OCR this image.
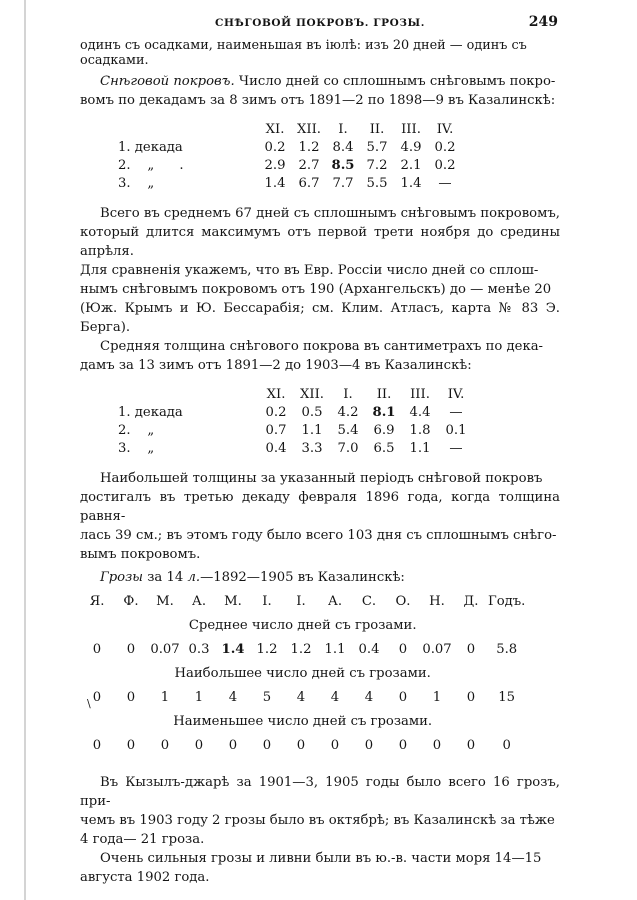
СНѢГОВОЙ ПОКРОВЪ. ГРОЗЫ.	249

одинъ съ осадками, наименьшая въ іюлѣ: изъ 20 дней — одинъ съ
осадками.

Снѣговой покровъ. Число дней со сплошнымъ снѣговымъ покро-
вомъ по декадамъ за 8 зимъ отъ 1891—2 по 1898—9 въ Казалинскѣ:

	XI.	XII.	I.	II.	III.	IV.
1. декада	0.2	1.2	8.4	5.7	4.9	0.2
2.    „      .	2.9	2.7	8.5	7.2	2.1	0.2
3.    „	1.4	6.7	7.7	5.5	1.4	—

Всего въ среднемъ 67 дней съ сплошнымъ снѣговымъ покровомъ,
который длится максимумъ отъ первой трети ноября до средины апрѣля.
Для сравненія укажемъ, что въ Евр. Россіи число дней со сплош-
нымъ снѣговымъ покровомъ отъ 190 (Архангельскъ) до — менѣе 20
(Юж. Крымъ и Ю. Бессарабія; см. Клим. Атласъ, карта № 83 Э. Берга).
Средняя толщина снѣгового покрова въ сантиметрахъ по дека-
дамъ за 13 зимъ отъ 1891—2 до 1903—4 въ Казалинскѣ:

	XI.	XII.	I.	II.	III.	IV.
1. декада	0.2	0.5	4.2	8.1	4.4	—
2.    „	0.7	1.1	5.4	6.9	1.8	0.1
3.    „	0.4	3.3	7.0	6.5	1.1	—

Наибольшей толщины за указанный періодъ снѣговой покровъ
достигалъ въ третью декаду февраля 1896 года, когда толщина равня-
лась 39 см.; въ этомъ году было всего 103 дня съ сплошнымъ снѣго-
вымъ покровомъ.

Грозы за 14 л.—1892—1905 въ Казалинскѣ:

Я.	Ф.	М.	А.	М.	І.	І.	А.	С.	О.	Н.	Д.	Годъ.
Среднее число дней съ грозами.												
0	0	0.07	0.3	1.4	1.2	1.2	1.1	0.4	0	0.07	0	5.8
Наибольшее число дней съ грозами.												
0	0	1	1	4	5	4	4	4	0	1	0	15
Наименьшее число дней съ грозами.												
0	0	0	0	0	0	0	0	0	0	0	0	0

Въ Кызылъ-джарѣ за 1901—3, 1905 годы было всего 16 грозъ, при-
чемъ въ 1903 году 2 грозы было въ октябрѣ; въ Казалинскѣ за тѣже
4 года— 21 гроза.

Очень сильныя грозы и ливни были въ ю.-в. части моря 14—15
августа 1902 года.

\
